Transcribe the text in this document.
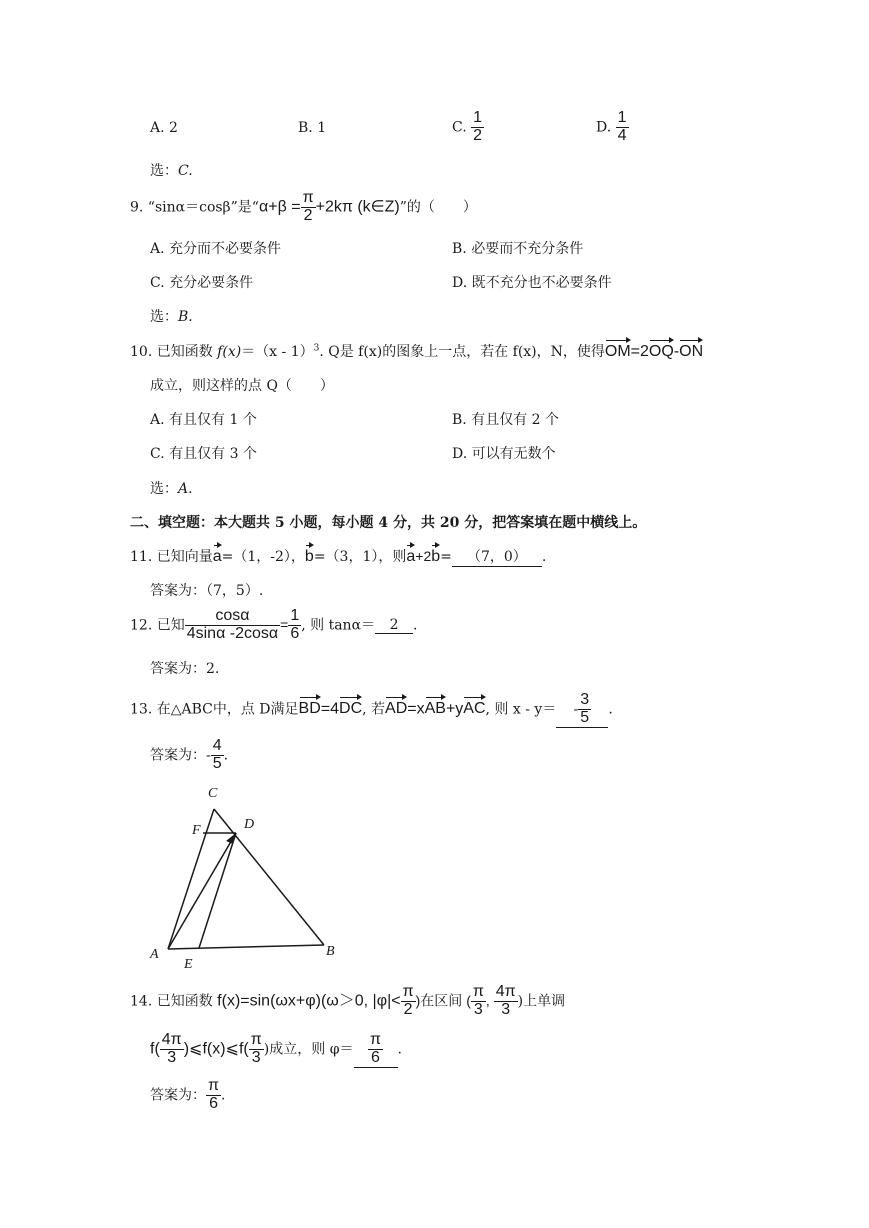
A. 2	B. 1	C. $\frac{1}{2}$	D. $\frac{1}{4}$
选：C.
9. “sinα＝cosβ”是“$\alpha+\beta = \frac{\pi}{2} +2k\pi$ (k∈Z)”的（　　）
A. 充分而不必要条件	B. 必要而不充分条件
C. 充分必要条件	D. 既不充分也不必要条件
选：B.
10. 已知函数 f(x)＝（x - 1）$^3$. Q是 f(x)的图象上一点，若在 f(x)，N，使得OM=2OQ-ON
成立，则这样的点 Q（　　）
A. 有且仅有 1 个	B. 有且仅有 2 个
C. 有且仅有 3 个	D. 可以有无数个
选：A.
二、填空题：本大题共 5 小题，每小题 4 分，共 20 分，把答案填在题中横线上。
11. 已知向量a=（1，-2），b=（3，1），则a+2b= （7，0） .
答案为：（7，5）.
12. 已知 $\frac{\cos\alpha}{4\sin\alpha -2\cos\alpha} = \frac{1}{6}$ , 则 tanα＝ 2 .
答案为：2.
13. 在△ABC中，点 D满足BD=4DC, 若AD=xAB+yAC, 则 $x - y= - \frac{3}{5}$ .
答案为：- $\frac{4}{5}$ .
C
F	D
A
E
B
14. 已知函数 f(x)=sin(ωx+φ)(ω＞0, $|\varphi|< \frac{\pi}{2}$ )在区间 ( $\frac{\pi}{3}$ , $\frac{4\pi}{3}$ )上单调
$f( \frac{4\pi}{3}$ )⩽f(x)⩽f( $\frac{\pi}{3}$ )成立，则 $\varphi= \frac{\pi}{6}$ .
答案为： $\frac{\pi}{6}$ .
